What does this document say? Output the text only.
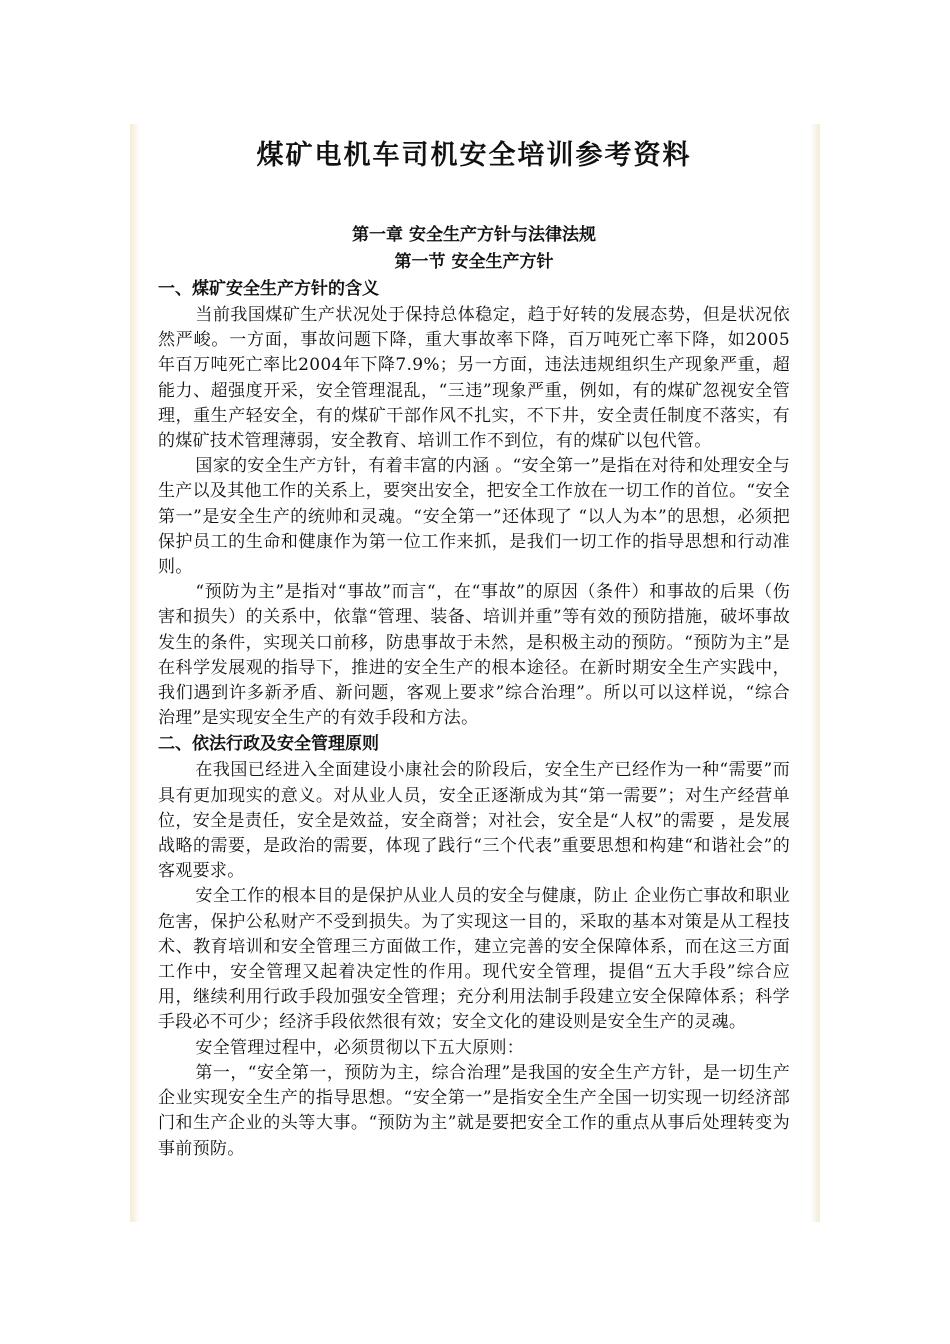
煤矿电机车司机安全培训参考资料
第一章 安全生产方针与法律法规
第一节 安全生产方针
一、煤矿安全生产方针的含义

当前我国煤矿生产状况处于保持总体稳定，趋于好转的发展态势，但是状况依然严峻。一方面，事故问题下降，重大事故率下降，百万吨死亡率下降，如2005年百万吨死亡率比2004年下降7.9%；另一方面，违法违规组织生产现象严重，超能力、超强度开采，安全管理混乱，“三违”现象严重，例如，有的煤矿忽视安全管理，重生产轻安全，有的煤矿干部作风不扎实，不下井，安全责任制度不落实，有的煤矿技术管理薄弱，安全教育、培训工作不到位，有的煤矿以包代管。

国家的安全生产方针，有着丰富的内涵 。“安全第一”是指在对待和处理安全与生产以及其他工作的关系上，要突出安全，把安全工作放在一切工作的首位。“安全第一”是安全生产的统帅和灵魂。“安全第一”还体现了 “以人为本”的思想，必须把保护员工的生命和健康作为第一位工作来抓，是我们一切工作的指导思想和行动准则。

“预防为主”是指对“事故”而言“，在“事故”的原因（条件）和事故的后果（伤害和损失）的关系中，依靠“管理、装备、培训并重”等有效的预防措施，破坏事故发生的条件，实现关口前移，防患事故于未然，是积极主动的预防。“预防为主”是在科学发展观的指导下，推进的安全生产的根本途径。在新时期安全生产实践中，我们遇到许多新矛盾、新问题，客观上要求”综合治理”。所以可以这样说，“综合治理”是实现安全生产的有效手段和方法。

二、依法行政及安全管理原则

在我国已经进入全面建设小康社会的阶段后，安全生产已经作为一种“需要”而具有更加现实的意义。对从业人员，安全正逐渐成为其“第一需要”；对生产经营单位，安全是责任，安全是效益，安全商誉；对社会，安全是“人权”的需要 ，是发展战略的需要，是政治的需要，体现了践行“三个代表”重要思想和构建“和谐社会”的客观要求。

安全工作的根本目的是保护从业人员的安全与健康，防止 企业伤亡事故和职业危害，保护公私财产不受到损失。为了实现这一目的，采取的基本对策是从工程技术、教育培训和安全管理三方面做工作，建立完善的安全保障体系，而在这三方面工作中，安全管理又起着决定性的作用。现代安全管理，提倡“五大手段”综合应用，继续利用行政手段加强安全管理；充分利用法制手段建立安全保障体系；科学手段必不可少；经济手段依然很有效；安全文化的建设则是安全生产的灵魂。

安全管理过程中，必须贯彻以下五大原则：

第一，“安全第一，预防为主，综合治理”是我国的安全生产方针，是一切生产企业实现安全生产的指导思想。“安全第一”是指安全生产全国一切实现一切经济部门和生产企业的头等大事。“预防为主”就是要把安全工作的重点从事后处理转变为事前预防。
